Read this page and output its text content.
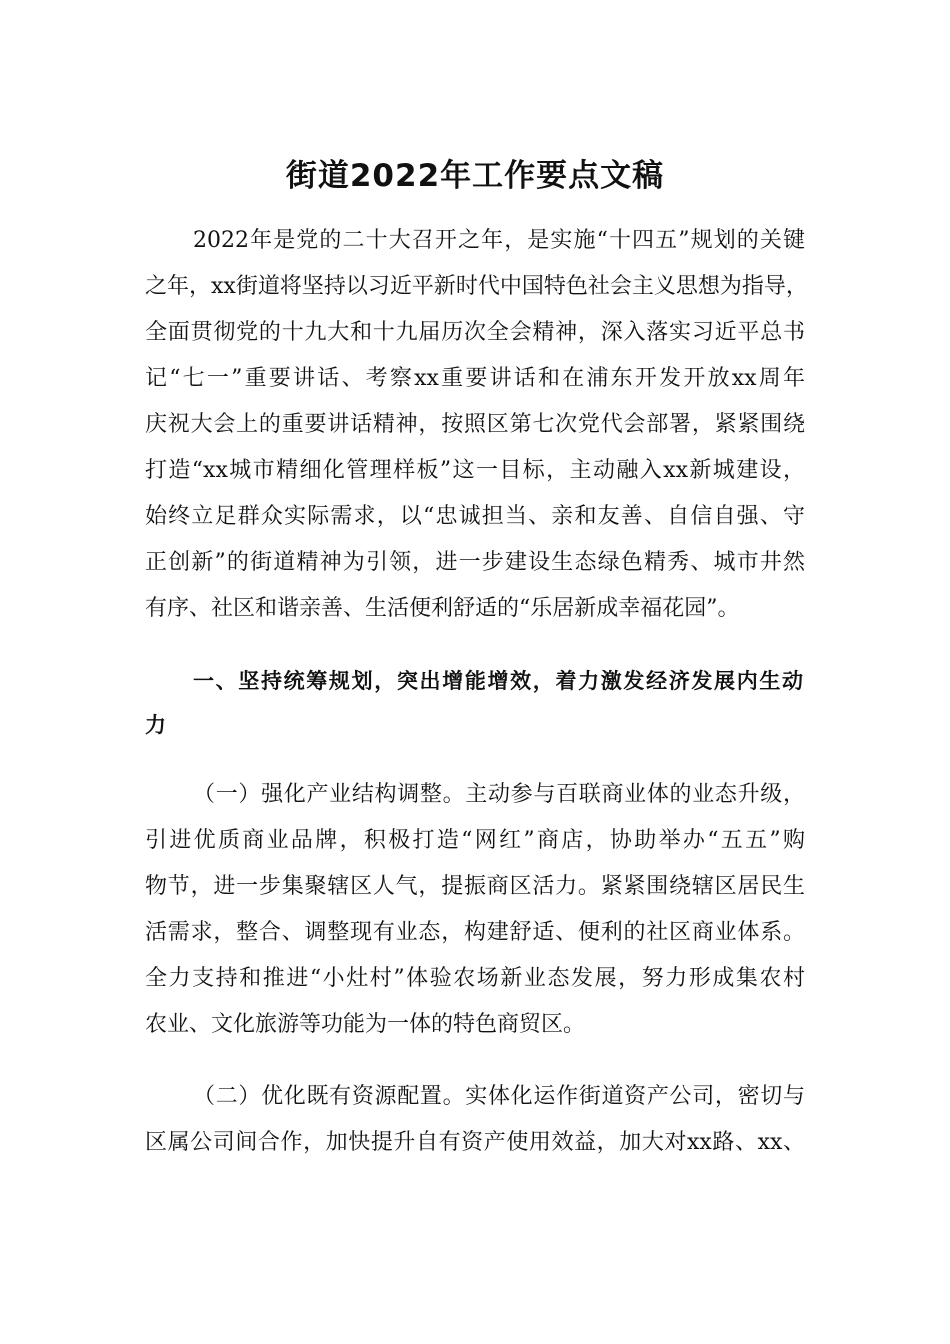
街道2022年工作要点文稿
2022年是党的二十大召开之年，是实施“十四五”规划的关键
之年，xx街道将坚持以习近平新时代中国特色社会主义思想为指导，
全面贯彻党的十九大和十九届历次全会精神，深入落实习近平总书
记“七一”重要讲话、考察xx重要讲话和在浦东开发开放xx周年
庆祝大会上的重要讲话精神，按照区第七次党代会部署，紧紧围绕
打造“xx城市精细化管理样板”这一目标，主动融入xx新城建设，
始终立足群众实际需求，以“忠诚担当、亲和友善、自信自强、守
正创新”的街道精神为引领，进一步建设生态绿色精秀、城市井然
有序、社区和谐亲善、生活便利舒适的“乐居新成幸福花园”。
一、坚持统筹规划，突出增能增效，着力激发经济发展内生动
力
（一）强化产业结构调整。主动参与百联商业体的业态升级，
引进优质商业品牌，积极打造“网红”商店，协助举办“五五”购
物节，进一步集聚辖区人气，提振商区活力。紧紧围绕辖区居民生
活需求，整合、调整现有业态，构建舒适、便利的社区商业体系。
全力支持和推进“小灶村”体验农场新业态发展，努力形成集农村
农业、文化旅游等功能为一体的特色商贸区。
（二）优化既有资源配置。实体化运作街道资产公司，密切与
区属公司间合作，加快提升自有资产使用效益，加大对xx路、xx、
